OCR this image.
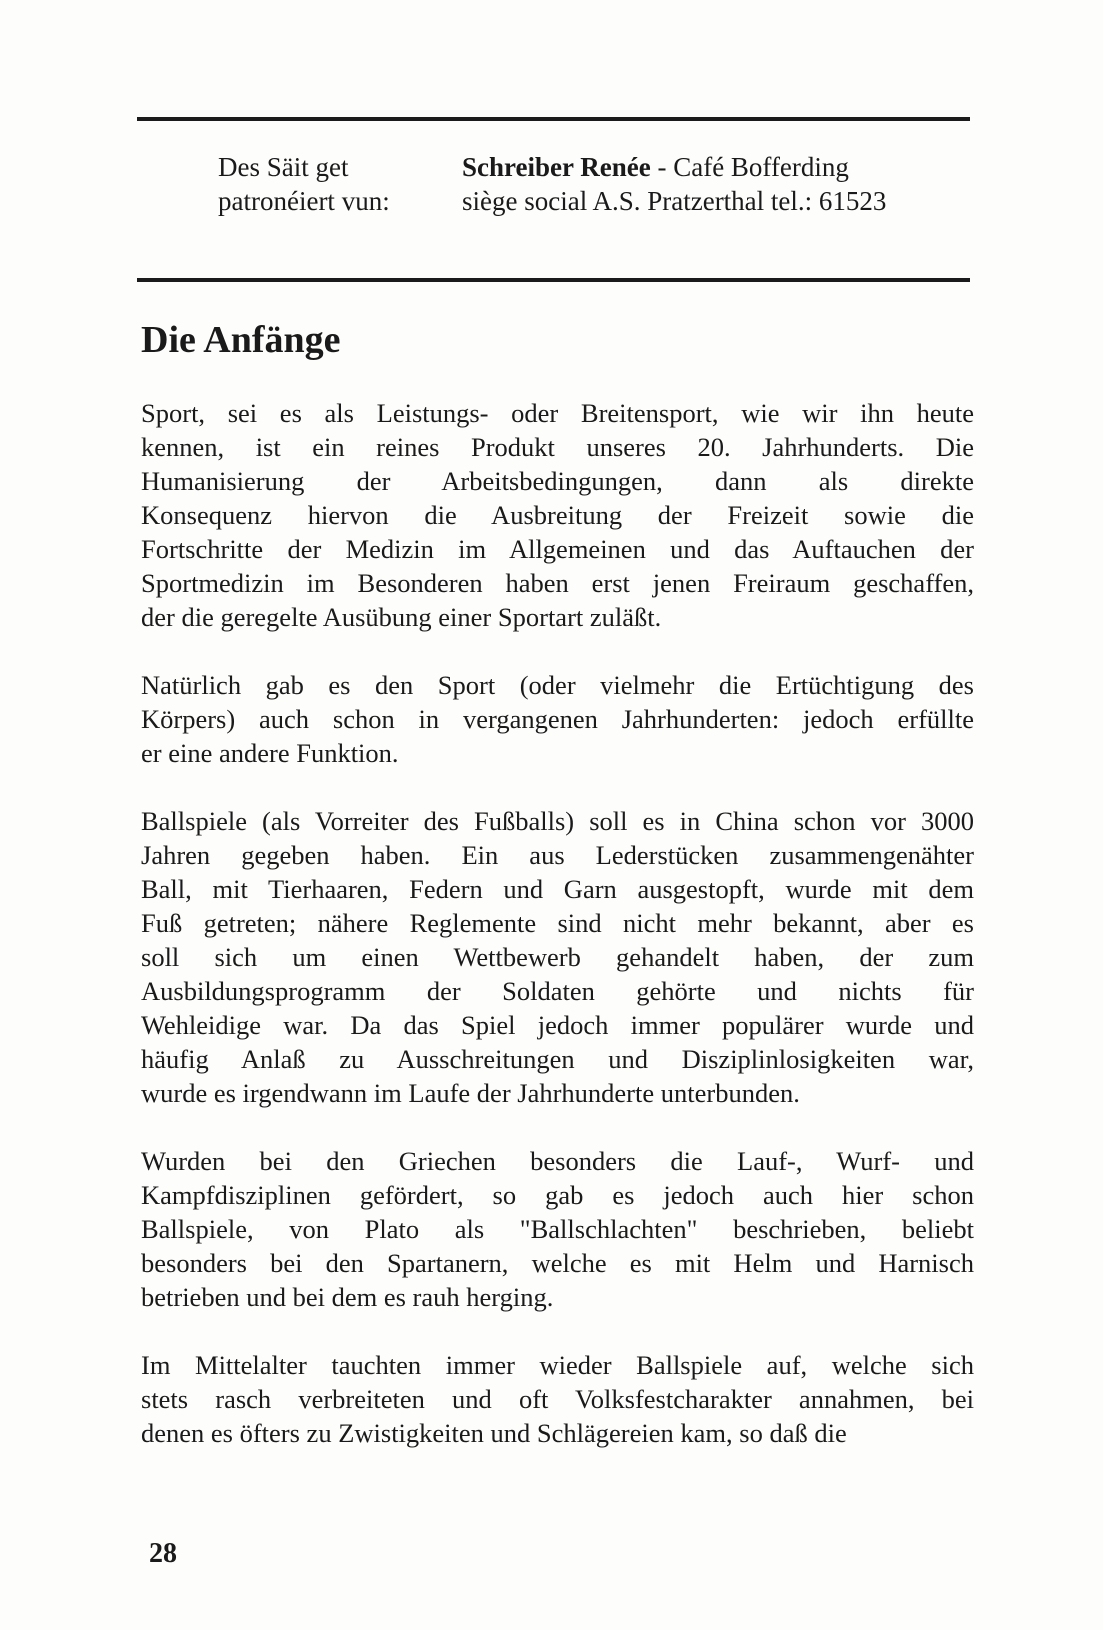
Des Säit get
patronéiert vun:
Schreiber Renée - Café Bofferding
siège social A.S. Pratzerthal tel.: 61523
Die Anfänge

Sport, sei es als Leistungs- oder Breitensport, wie wir ihn heute
kennen, ist ein reines Produkt unseres 20. Jahrhunderts. Die
Humanisierung der Arbeitsbedingungen, dann als direkte
Konsequenz hiervon die Ausbreitung der Freizeit sowie die
Fortschritte der Medizin im Allgemeinen und das Auftauchen der
Sportmedizin im Besonderen haben erst jenen Freiraum geschaffen,
der die geregelte Ausübung einer Sportart zuläßt.

Natürlich gab es den Sport (oder vielmehr die Ertüchtigung des
Körpers) auch schon in vergangenen Jahrhunderten: jedoch erfüllte
er eine andere Funktion.

Ballspiele (als Vorreiter des Fußballs) soll es in China schon vor 3000
Jahren gegeben haben. Ein aus Lederstücken zusammengenähter
Ball, mit Tierhaaren, Federn und Garn ausgestopft, wurde mit dem
Fuß getreten; nähere Reglemente sind nicht mehr bekannt, aber es
soll sich um einen Wettbewerb gehandelt haben, der zum
Ausbildungsprogramm der Soldaten gehörte und nichts für
Wehleidige war. Da das Spiel jedoch immer populärer wurde und
häufig Anlaß zu Ausschreitungen und Disziplinlosigkeiten war,
wurde es irgendwann im Laufe der Jahrhunderte unterbunden.

Wurden bei den Griechen besonders die Lauf-, Wurf- und
Kampfdisziplinen gefördert, so gab es jedoch auch hier schon
Ballspiele, von Plato als "Ballschlachten" beschrieben, beliebt
besonders bei den Spartanern, welche es mit Helm und Harnisch
betrieben und bei dem es rauh herging.

Im Mittelalter tauchten immer wieder Ballspiele auf, welche sich
stets rasch verbreiteten und oft Volksfestcharakter annahmen, bei
denen es öfters zu Zwistigkeiten und Schlägereien kam, so daß die

28
